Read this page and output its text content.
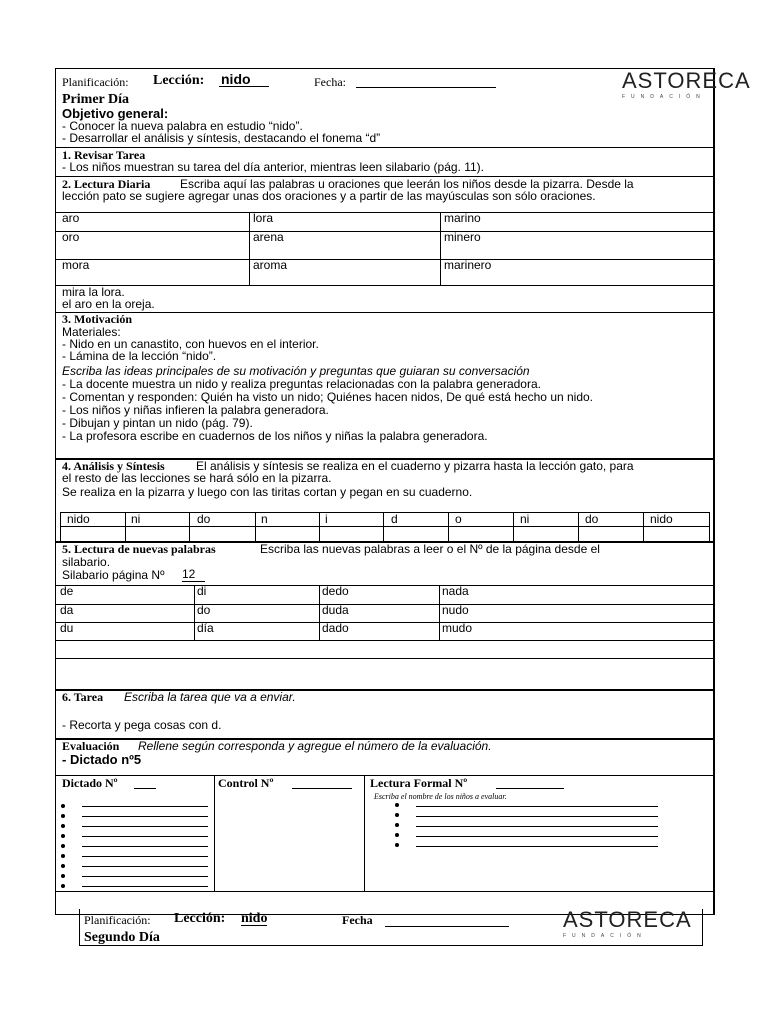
nido	ni	do	n	i	d	o	ni	do	nido
Planificación: Lección: nido	Fecha:
Primer Día
Objetivo general:
- Conocer la nueva palabra en estudio “nido”.
- Desarrollar el análisis y síntesis, destacando el fonema “d”
ASTORECA
FUNDACIÓN
1. Revisar Tarea
- Los niños muestran su tarea del día anterior, mientras leen silabario (pág. 11).
2. Lectura Diaria Escriba aquí las palabras u oraciones que leerán los niños desde la pizarra. Desde la
lección pato se sugiere agregar unas dos oraciones y a partir de las mayúsculas son sólo oraciones.
aro	lora	marino
oro	arena	minero
mora	aroma	marinero
mira la lora.
el aro en la oreja.
3. Motivación
Materiales:
- Nido en un canastito, con huevos en el interior.
- Lámina de la lección “nido”.
Escriba las ideas principales de su motivación y preguntas que guiaran su conversación
- La docente muestra un nido y realiza preguntas relacionadas con la palabra generadora.
- Comentan y responden: Quién ha visto un nido; Quiénes hacen nidos, De qué está hecho un nido.
- Los niños y niñas infieren la palabra generadora.
- Dibujan y pintan un nido (pág. 79).
- La profesora escribe en cuadernos de los niños y niñas la palabra generadora.
4. Análisis y Síntesis	El análisis y síntesis se realiza en el cuaderno y pizarra hasta la lección gato, para
el resto de las lecciones se hará sólo en la pizarra.
Se realiza en la pizarra y luego con las tiritas cortan y pegan en su cuaderno.
5. Lectura de nuevas palabras	Escriba las nuevas palabras a leer o el Nº de la página desde el
silabario.
Silabario página Nº 12
de	di	dedo	nada
da	do	duda	nudo
du	día	dado	mudo
6. Tarea Escriba la tarea que va a enviar.
- Recorta y pega cosas con d.
Evaluación Rellene según corresponda y agregue el número de la evaluación.
- Dictado nº5
Dictado Nº	Control Nº	Lectura Formal Nº
Escriba el nombre de los niños a evaluar.
Planificación: Lección: nido	Fecha
Segundo Día
ASTORECA
FUNDACIÓN
